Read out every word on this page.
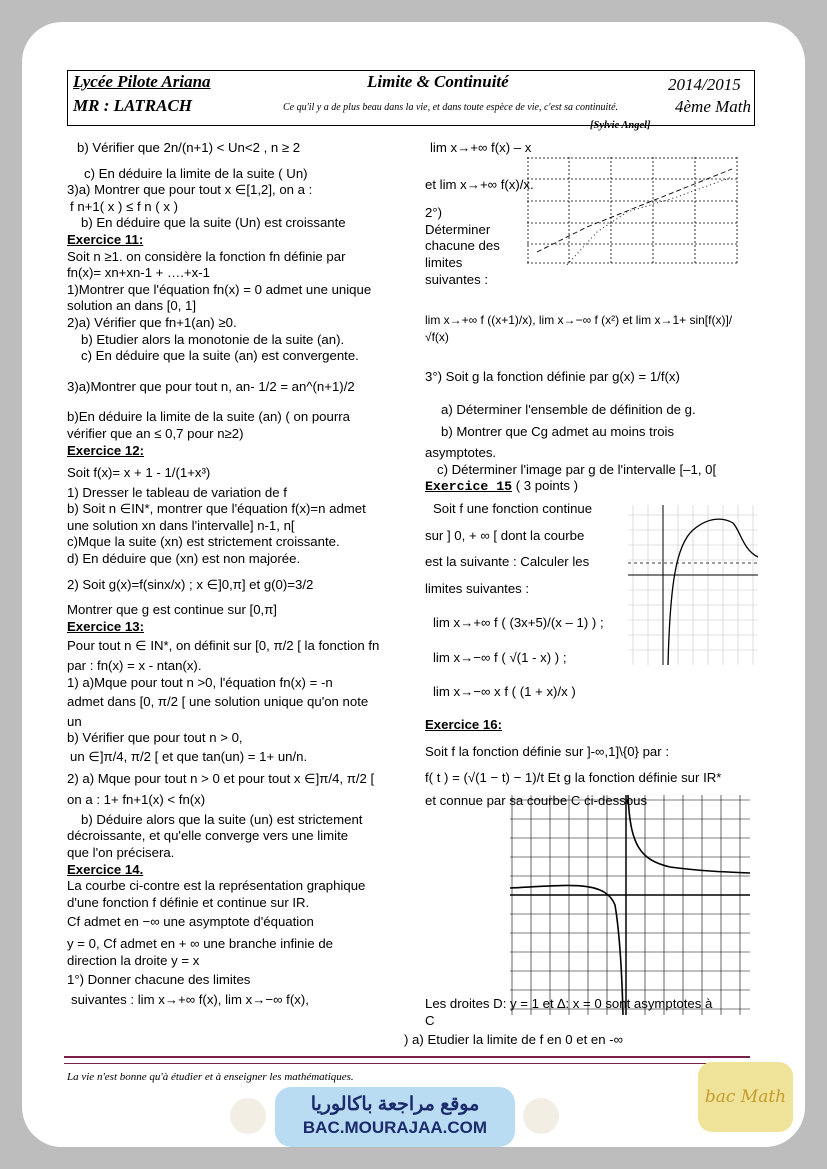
Lycée Pilote Ariana
MR : LATRACH
Limite & Continuité	2014/2015
Ce qu'il y a de plus beau dans la vie, et dans toute espèce de vie, c'est sa continuité.	4ème Math
[Sylvie Angel]

b) Vérifier que 2n/(n+1) < Un<2 , n ≥ 2

c) En déduire la limite de la suite ( Un)

3)a) Montrer que pour tout x ∈[1,2], on a :

f n+1( x ) ≤ f n ( x )

b) En déduire que la suite (Un) est croissante

Exercice 11:

Soit n ≥1. on considère la fonction fn définie par

fn(x)= xn+xn-1 + ….+x-1

1)Montrer que l'équation fn(x) = 0 admet une unique

solution an dans [0, 1]

2)a) Vérifier que fn+1(an) ≥0.

b) Etudier alors la monotonie de la suite (an).

c) En déduire que la suite (an) est convergente.

3)a)Montrer que pour tout n, an- 1/2 = an^(n+1)/2

b)En déduire la limite de la suite (an) ( on pourra

vérifier que an ≤ 0,7 pour n≥2)

Exercice 12:

Soit f(x)= x + 1 - 1/(1+x³)

1) Dresser le tableau de variation de f

b) Soit n ∈IN*, montrer que l'équation f(x)=n admet

une solution xn dans l'intervalle] n-1, n[

c)Mque la suite (xn) est strictement croissante.

d) En déduire que (xn) est non majorée.

2) Soit g(x)=f(sinx/x) ; x ∈]0,π] et g(0)=3/2

Montrer que g est continue sur [0,π]

Exercice 13:

Pour tout n ∈ IN*, on définit sur [0, π/2 [ la fonction fn

par : fn(x) = x - ntan(x).

1) a)Mque pour tout n >0, l'équation fn(x) = -n

admet dans [0, π/2 [ une solution unique qu'on note

un

b) Vérifier que pour tout n > 0,

un ∈]π/4, π/2 [ et que tan(un) = 1+ un/n.

2) a) Mque pour tout n > 0 et pour tout x ∈]π/4, π/2 [

on a : 1+ fn+1(x) < fn(x)

b) Déduire alors que la suite (un) est strictement

décroissante, et qu'elle converge vers une limite

que l'on précisera.

Exercice 14.

La courbe ci-contre est la représentation graphique

d'une fonction f définie et continue sur IR.

Cf admet en −∞ une asymptote d'équation

y = 0, Cf admet en + ∞ une branche infinie de

direction la droite y = x

1°) Donner chacune des limites

suivantes : lim x→+∞ f(x), lim x→−∞ f(x),

lim x→+∞ f(x) – x

et lim x→+∞ f(x)/x.

2°)

Déterminer

chacune des

limites

suivantes :

lim x→+∞ f ((x+1)/x), lim x→−∞ f (x²) et lim x→1+ sin[f(x)]/√f(x)

3°) Soit g la fonction définie par g(x) = 1/f(x)

a) Déterminer l'ensemble de définition de g.

b) Montrer que Cg admet au moins trois

asymptotes.

c) Déterminer l'image par g de l'intervalle [–1, 0[

Exercice 15 ( 3 points )

Soit f une fonction continue

sur ] 0, + ∞ [ dont la courbe

est la suivante : Calculer les

limites suivantes :

lim x→+∞ f ( (3x+5)/(x – 1) ) ;

lim x→−∞ f ( √(1 - x) ) ;

lim x→−∞ x f ( (1 + x)/x )

Exercice 16:

Soit f la fonction définie sur ]-∞,1]\{0} par :

f( t ) = (√(1 − t) − 1)/t Et g la fonction définie sur IR*

et connue par sa courbe C ci-dessous

Les droites D: y = 1 et ∆: x = 0 sont asymptotes à

C

) a) Etudier la limite de f en 0 et en -∞

La vie n'est bonne qu'à étudier et à enseigner les mathématiques.
موقع مراجعة باكالوريا
BAC.MOURAJAA.COM
bac Math
